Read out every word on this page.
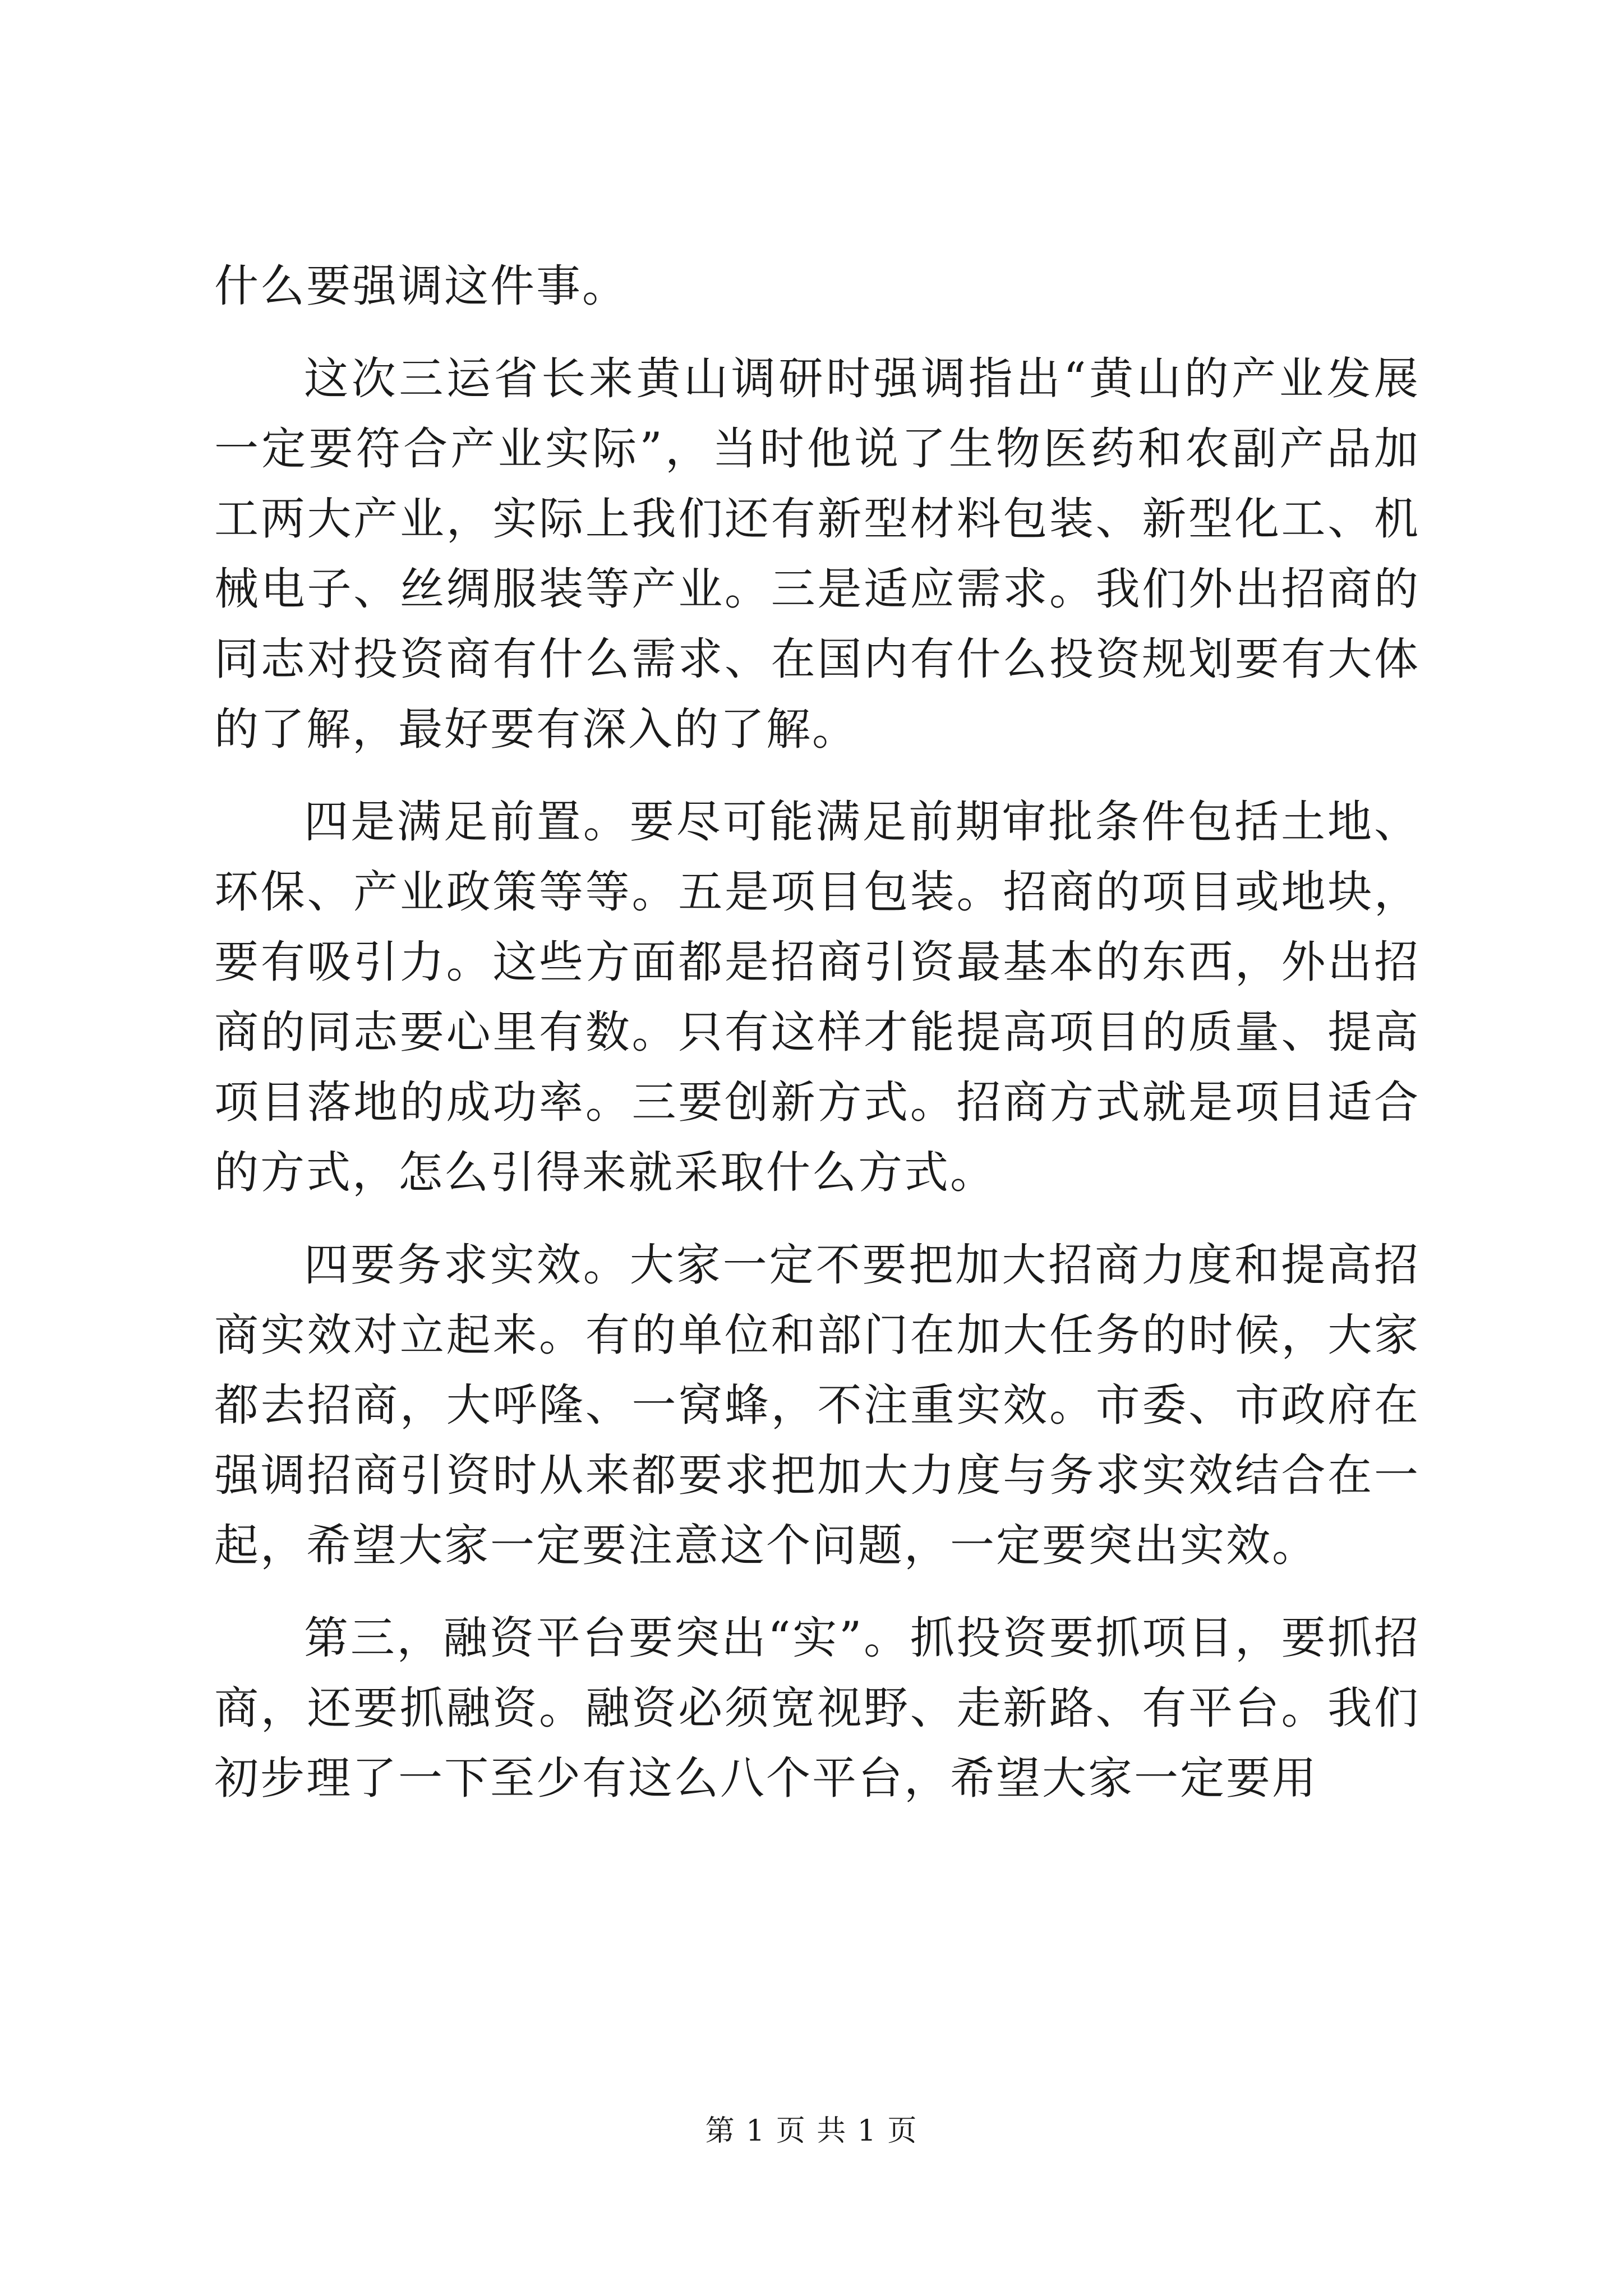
什么要强调这件事。

这次三运省长来黄山调研时强调指出“黄山的产业发展一定要符合产业实际”，当时他说了生物医药和农副产品加工两大产业，实际上我们还有新型材料包装、新型化工、机械电子、丝绸服装等产业。三是适应需求。我们外出招商的同志对投资商有什么需求、在国内有什么投资规划要有大体的了解，最好要有深入的了解。

四是满足前置。要尽可能满足前期审批条件包括土地、环保、产业政策等等。五是项目包装。招商的项目或地块，要有吸引力。这些方面都是招商引资最基本的东西，外出招商的同志要心里有数。只有这样才能提高项目的质量、提高项目落地的成功率。三要创新方式。招商方式就是项目适合的方式，怎么引得来就采取什么方式。

四要务求实效。大家一定不要把加大招商力度和提高招商实效对立起来。有的单位和部门在加大任务的时候，大家都去招商，大呼隆、一窝蜂，不注重实效。市委、市政府在强调招商引资时从来都要求把加大力度与务求实效结合在一起，希望大家一定要注意这个问题，一定要突出实效。

第三，融资平台要突出“实”。抓投资要抓项目，要抓招商，还要抓融资。融资必须宽视野、走新路、有平台。我们初步理了一下至少有这么八个平台，希望大家一定要用

第 1 页 共 1 页
